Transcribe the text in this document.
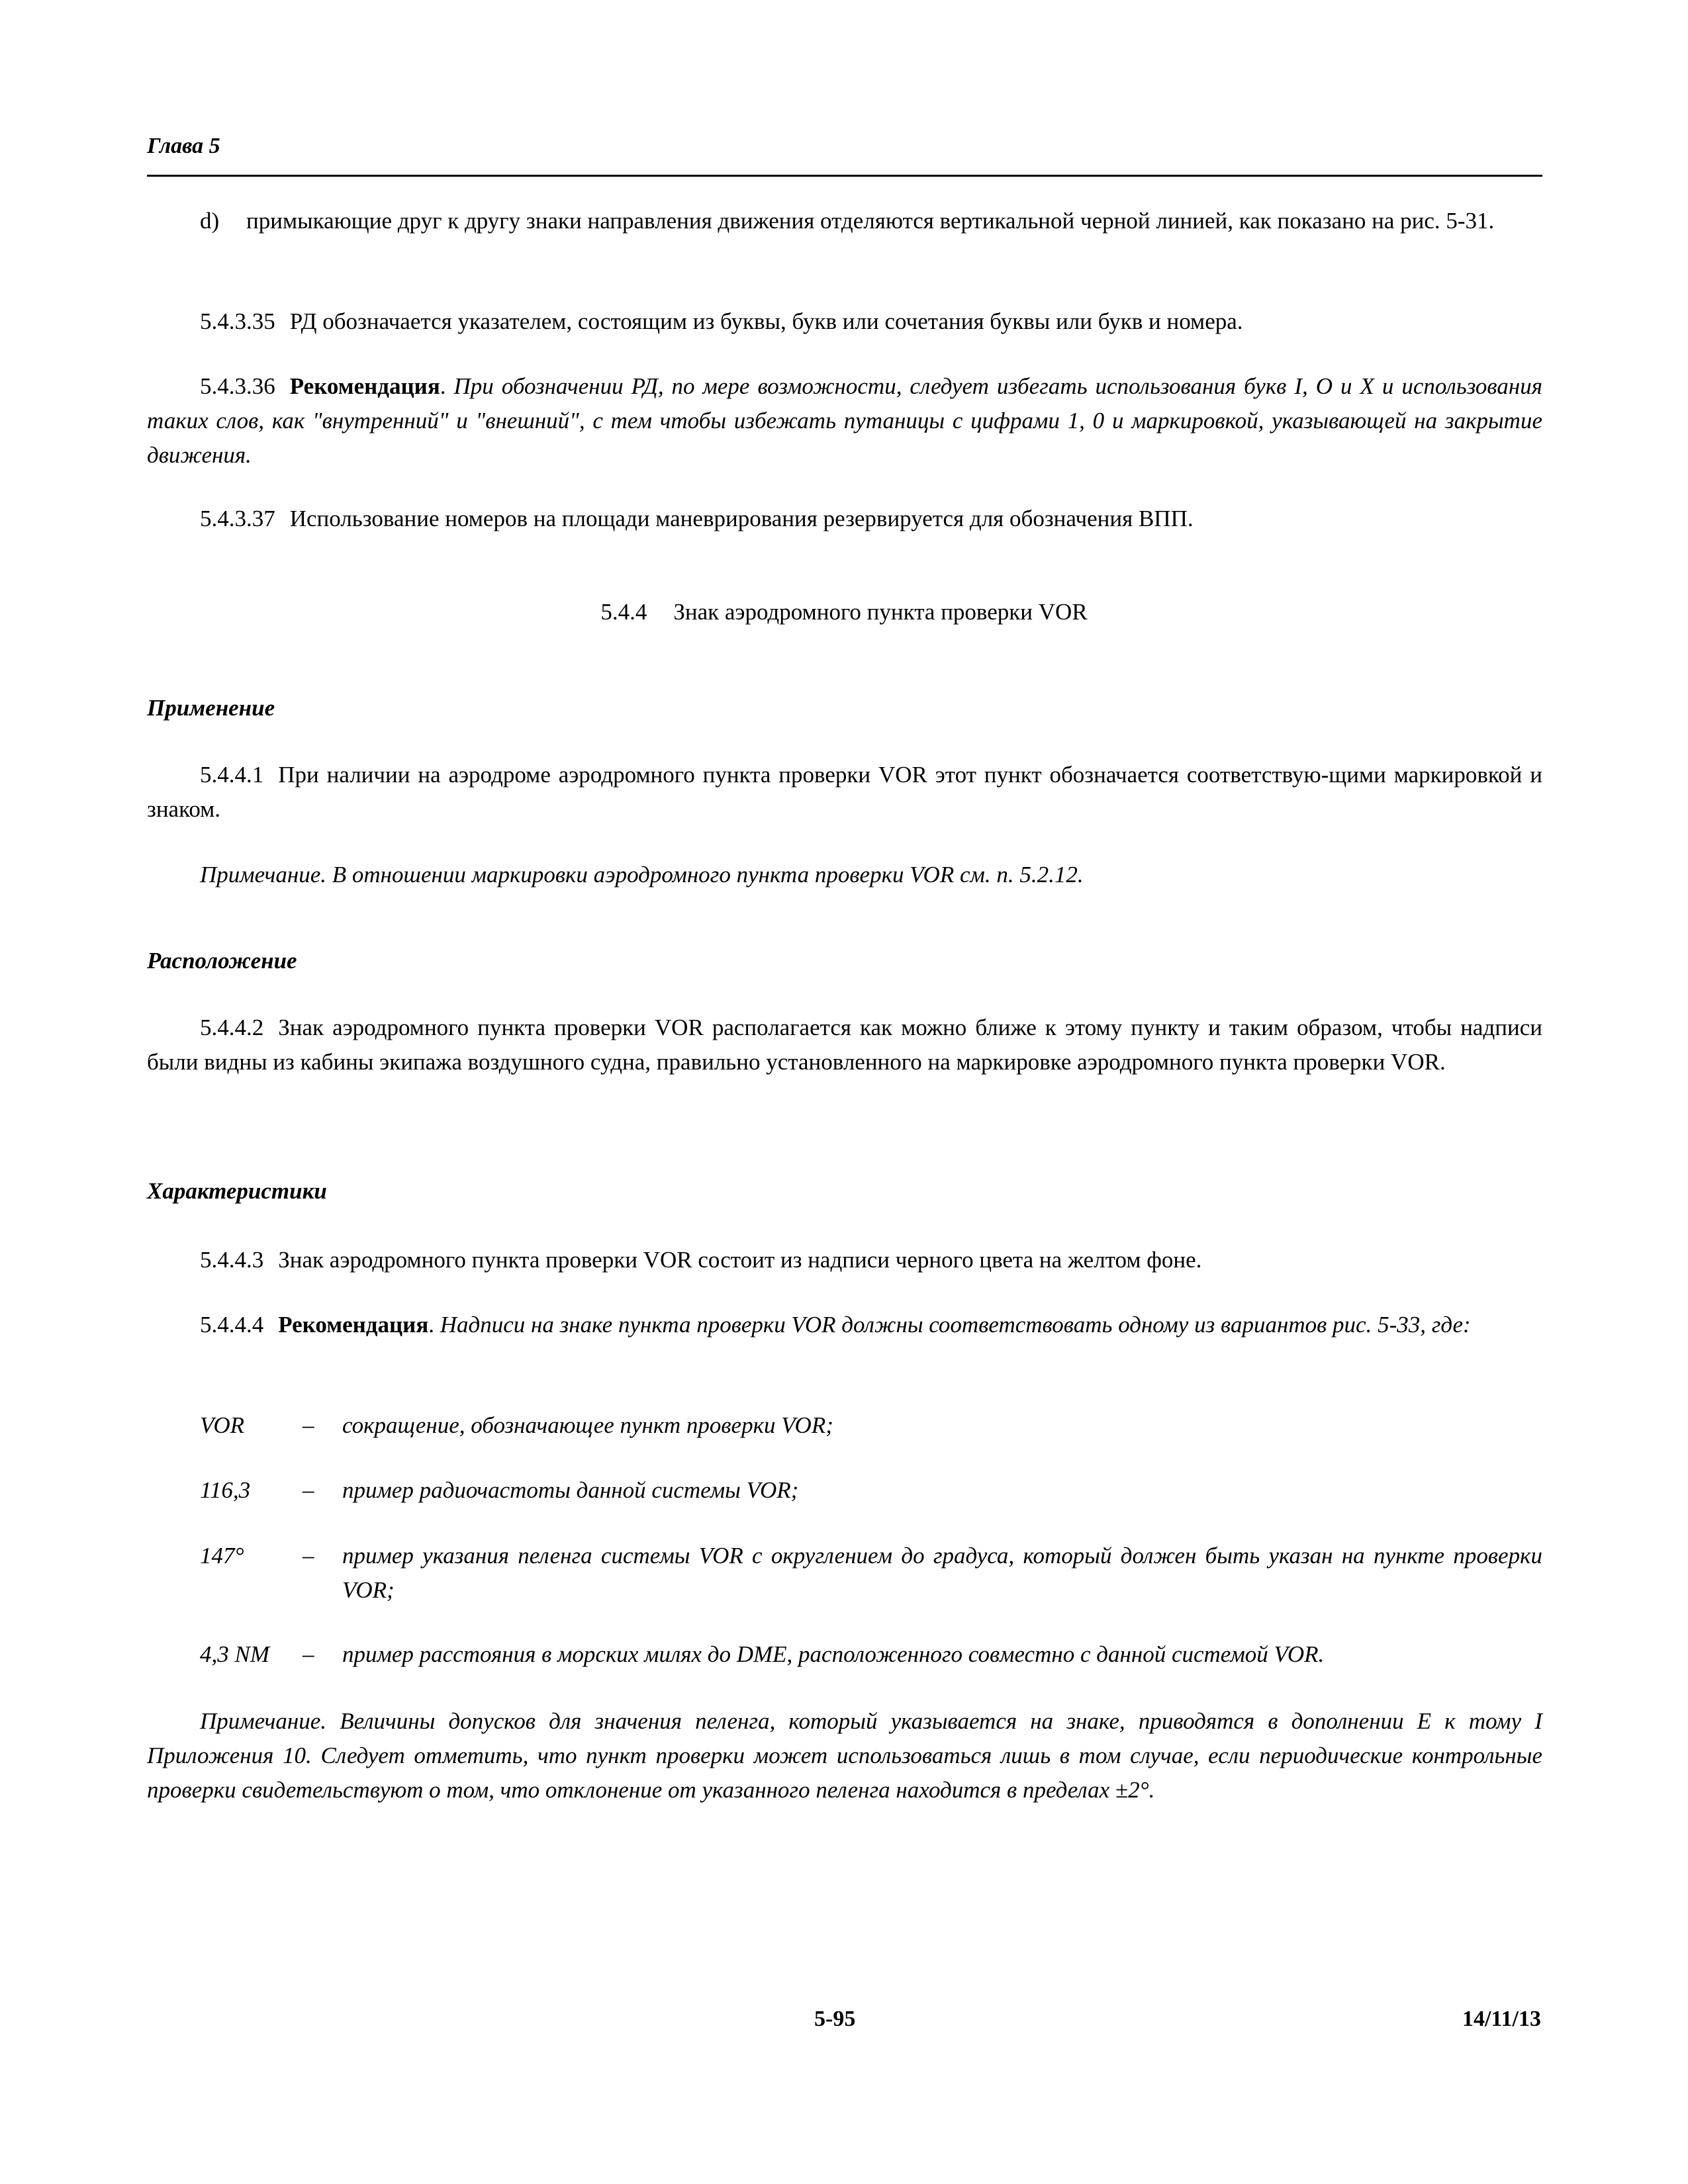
Глава 5
d) примыкающие друг к другу знаки направления движения отделяются вертикальной черной линией, как показано на рис. 5-31.

5.4.3.35 РД обозначается указателем, состоящим из буквы, букв или сочетания буквы или букв и номера.

5.4.3.36 Рекомендация. При обозначении РД, по мере возможности, следует избегать использования букв I, O и X и использования таких слов, как "внутренний" и "внешний", с тем чтобы избежать путаницы с цифрами 1, 0 и маркировкой, указывающей на закрытие движения.

5.4.3.37 Использование номеров на площади маневрирования резервируется для обозначения ВПП.

5.4.4 Знак аэродромного пункта проверки VOR
Применение

5.4.4.1 При наличии на аэродроме аэродромного пункта проверки VOR этот пункт обозначается соответствую-щими маркировкой и знаком.

Примечание. В отношении маркировки аэродромного пункта проверки VOR см. п. 5.2.12.

Расположение

5.4.4.2 Знак аэродромного пункта проверки VOR располагается как можно ближе к этому пункту и таким образом, чтобы надписи были видны из кабины экипажа воздушного судна, правильно установленного на маркировке аэродромного пункта проверки VOR.

Характеристики

5.4.4.3 Знак аэродромного пункта проверки VOR состоит из надписи черного цвета на желтом фоне.

5.4.4.4 Рекомендация. Надписи на знаке пункта проверки VOR должны соответствовать одному из вариантов рис. 5-33, где:

VOR	– сокращение, обозначающее пункт проверки VOR;
116,3 – пример радиочастоты данной системы VOR;
147°	– пример указания пеленга системы VOR с округлением до градуса, который должен быть указан на пункте проверки VOR;
4,3 NM – пример расстояния в морских милях до DME, расположенного совместно с данной системой VOR.

Примечание. Величины допусков для значения пеленга, который указывается на знаке, приводятся в дополнении E к тому I Приложения 10. Следует отметить, что пункт проверки может использоваться лишь в том случае, если периодические контрольные проверки свидетельствуют о том, что отклонение от указанного пеленга находится в пределах ±2°.

5-95	14/11/13
